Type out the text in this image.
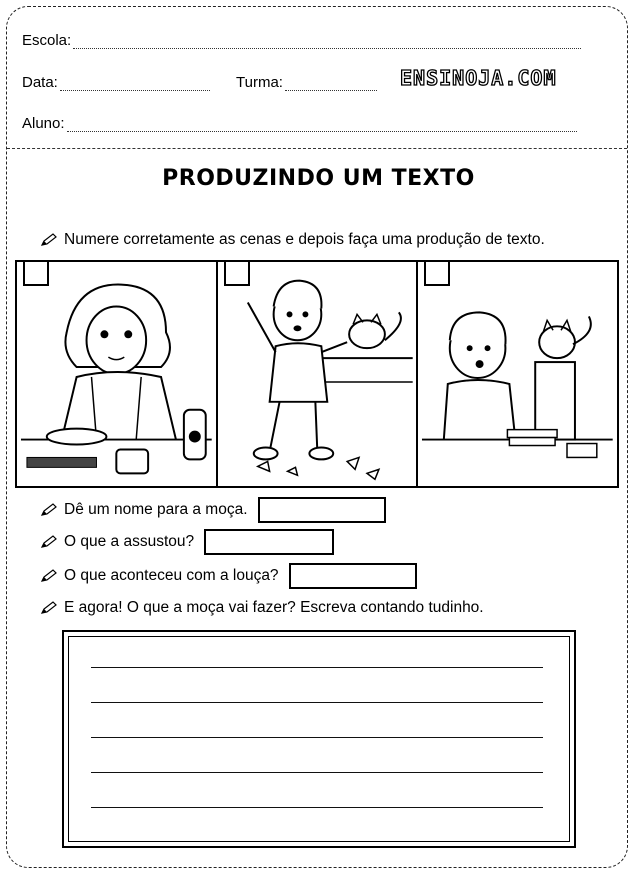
Escola:
Data:	Turma:	ENSINOJA.COM
Aluno:
PRODUZINDO UM TEXTO
Numere corretamente as cenas e depois faça uma produção de texto.
Dê um nome para a moça.
O que a assustou?
O que aconteceu com a louça?
E agora! O que a moça vai fazer? Escreva contando tudinho.
